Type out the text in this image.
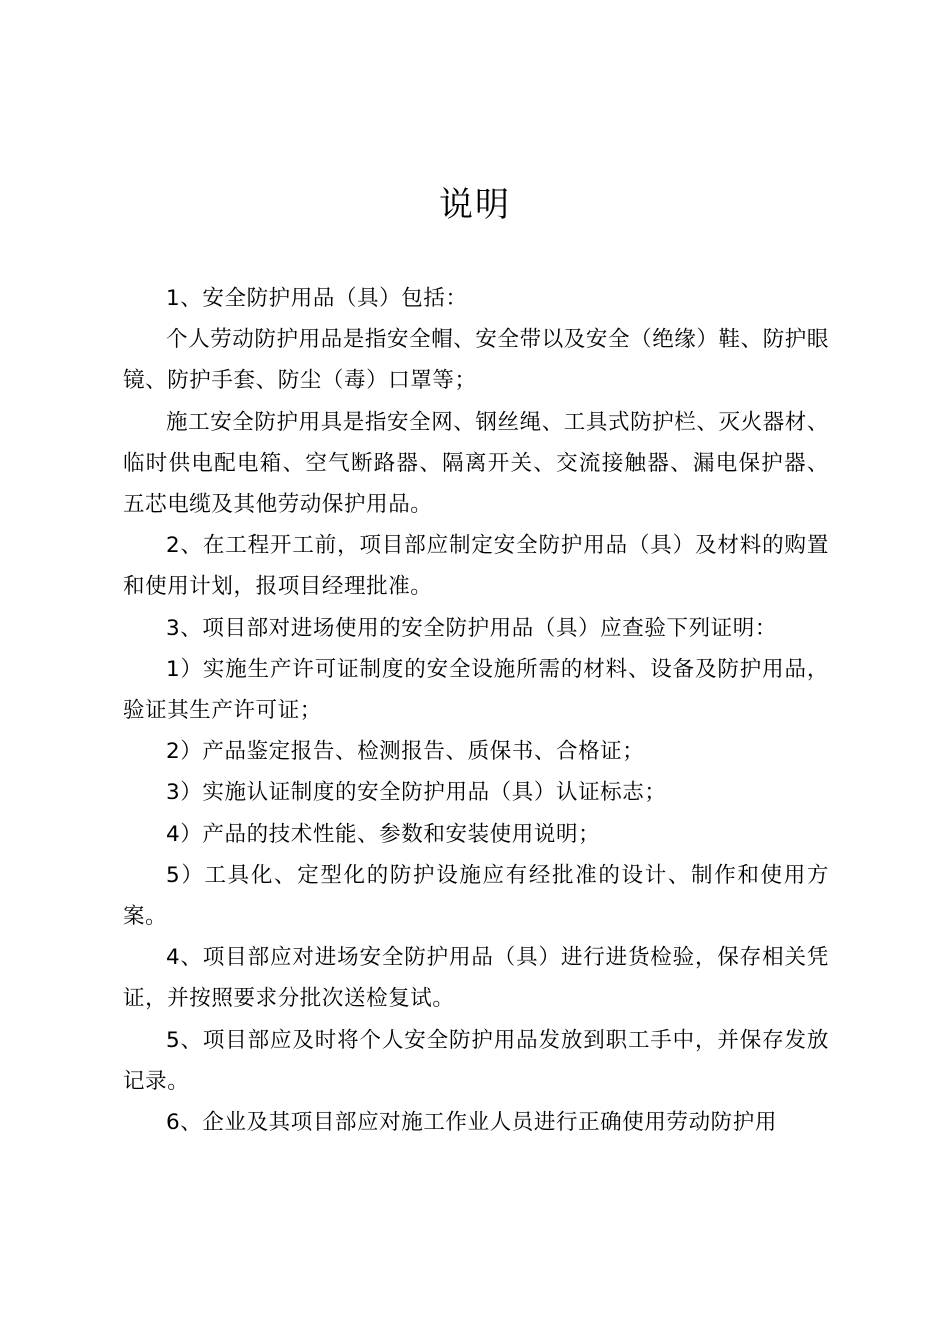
说明

1、安全防护用品（具）包括：

个人劳动防护用品是指安全帽、安全带以及安全（绝缘）鞋、防护眼镜、防护手套、防尘（毒）口罩等；

施工安全防护用具是指安全网、钢丝绳、工具式防护栏、灭火器材、临时供电配电箱、空气断路器、隔离开关、交流接触器、漏电保护器、五芯电缆及其他劳动保护用品。

2、在工程开工前，项目部应制定安全防护用品（具）及材料的购置和使用计划，报项目经理批准。

3、项目部对进场使用的安全防护用品（具）应查验下列证明：

1）实施生产许可证制度的安全设施所需的材料、设备及防护用品，验证其生产许可证；

2）产品鉴定报告、检测报告、质保书、合格证；

3）实施认证制度的安全防护用品（具）认证标志；

4）产品的技术性能、参数和安装使用说明；

5）工具化、定型化的防护设施应有经批准的设计、制作和使用方案。

4、项目部应对进场安全防护用品（具）进行进货检验，保存相关凭证，并按照要求分批次送检复试。

5、项目部应及时将个人安全防护用品发放到职工手中，并保存发放记录。

6、企业及其项目部应对施工作业人员进行正确使用劳动防护用
